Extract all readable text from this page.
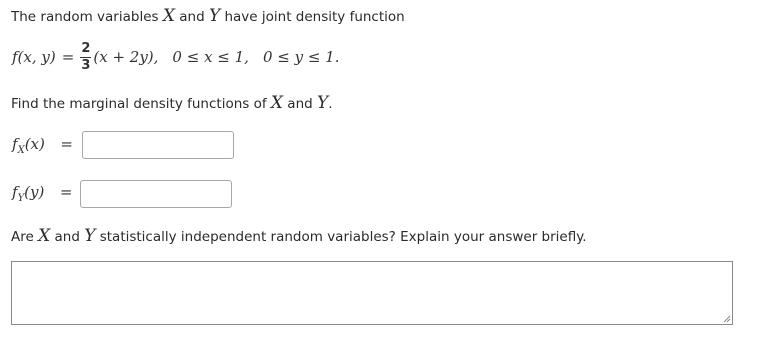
The random variables X and Y have joint density function
f(x, $y) = \frac{2}{3} (x + 2y)$, 0 ≤ x ≤ 1, 0 ≤ y ≤ 1.
Find the marginal density functions of X and Y.
$f_X(x)$ =
$f_Y(y)$ =
Are X and Y statistically independent random variables? Explain your answer briefly.
